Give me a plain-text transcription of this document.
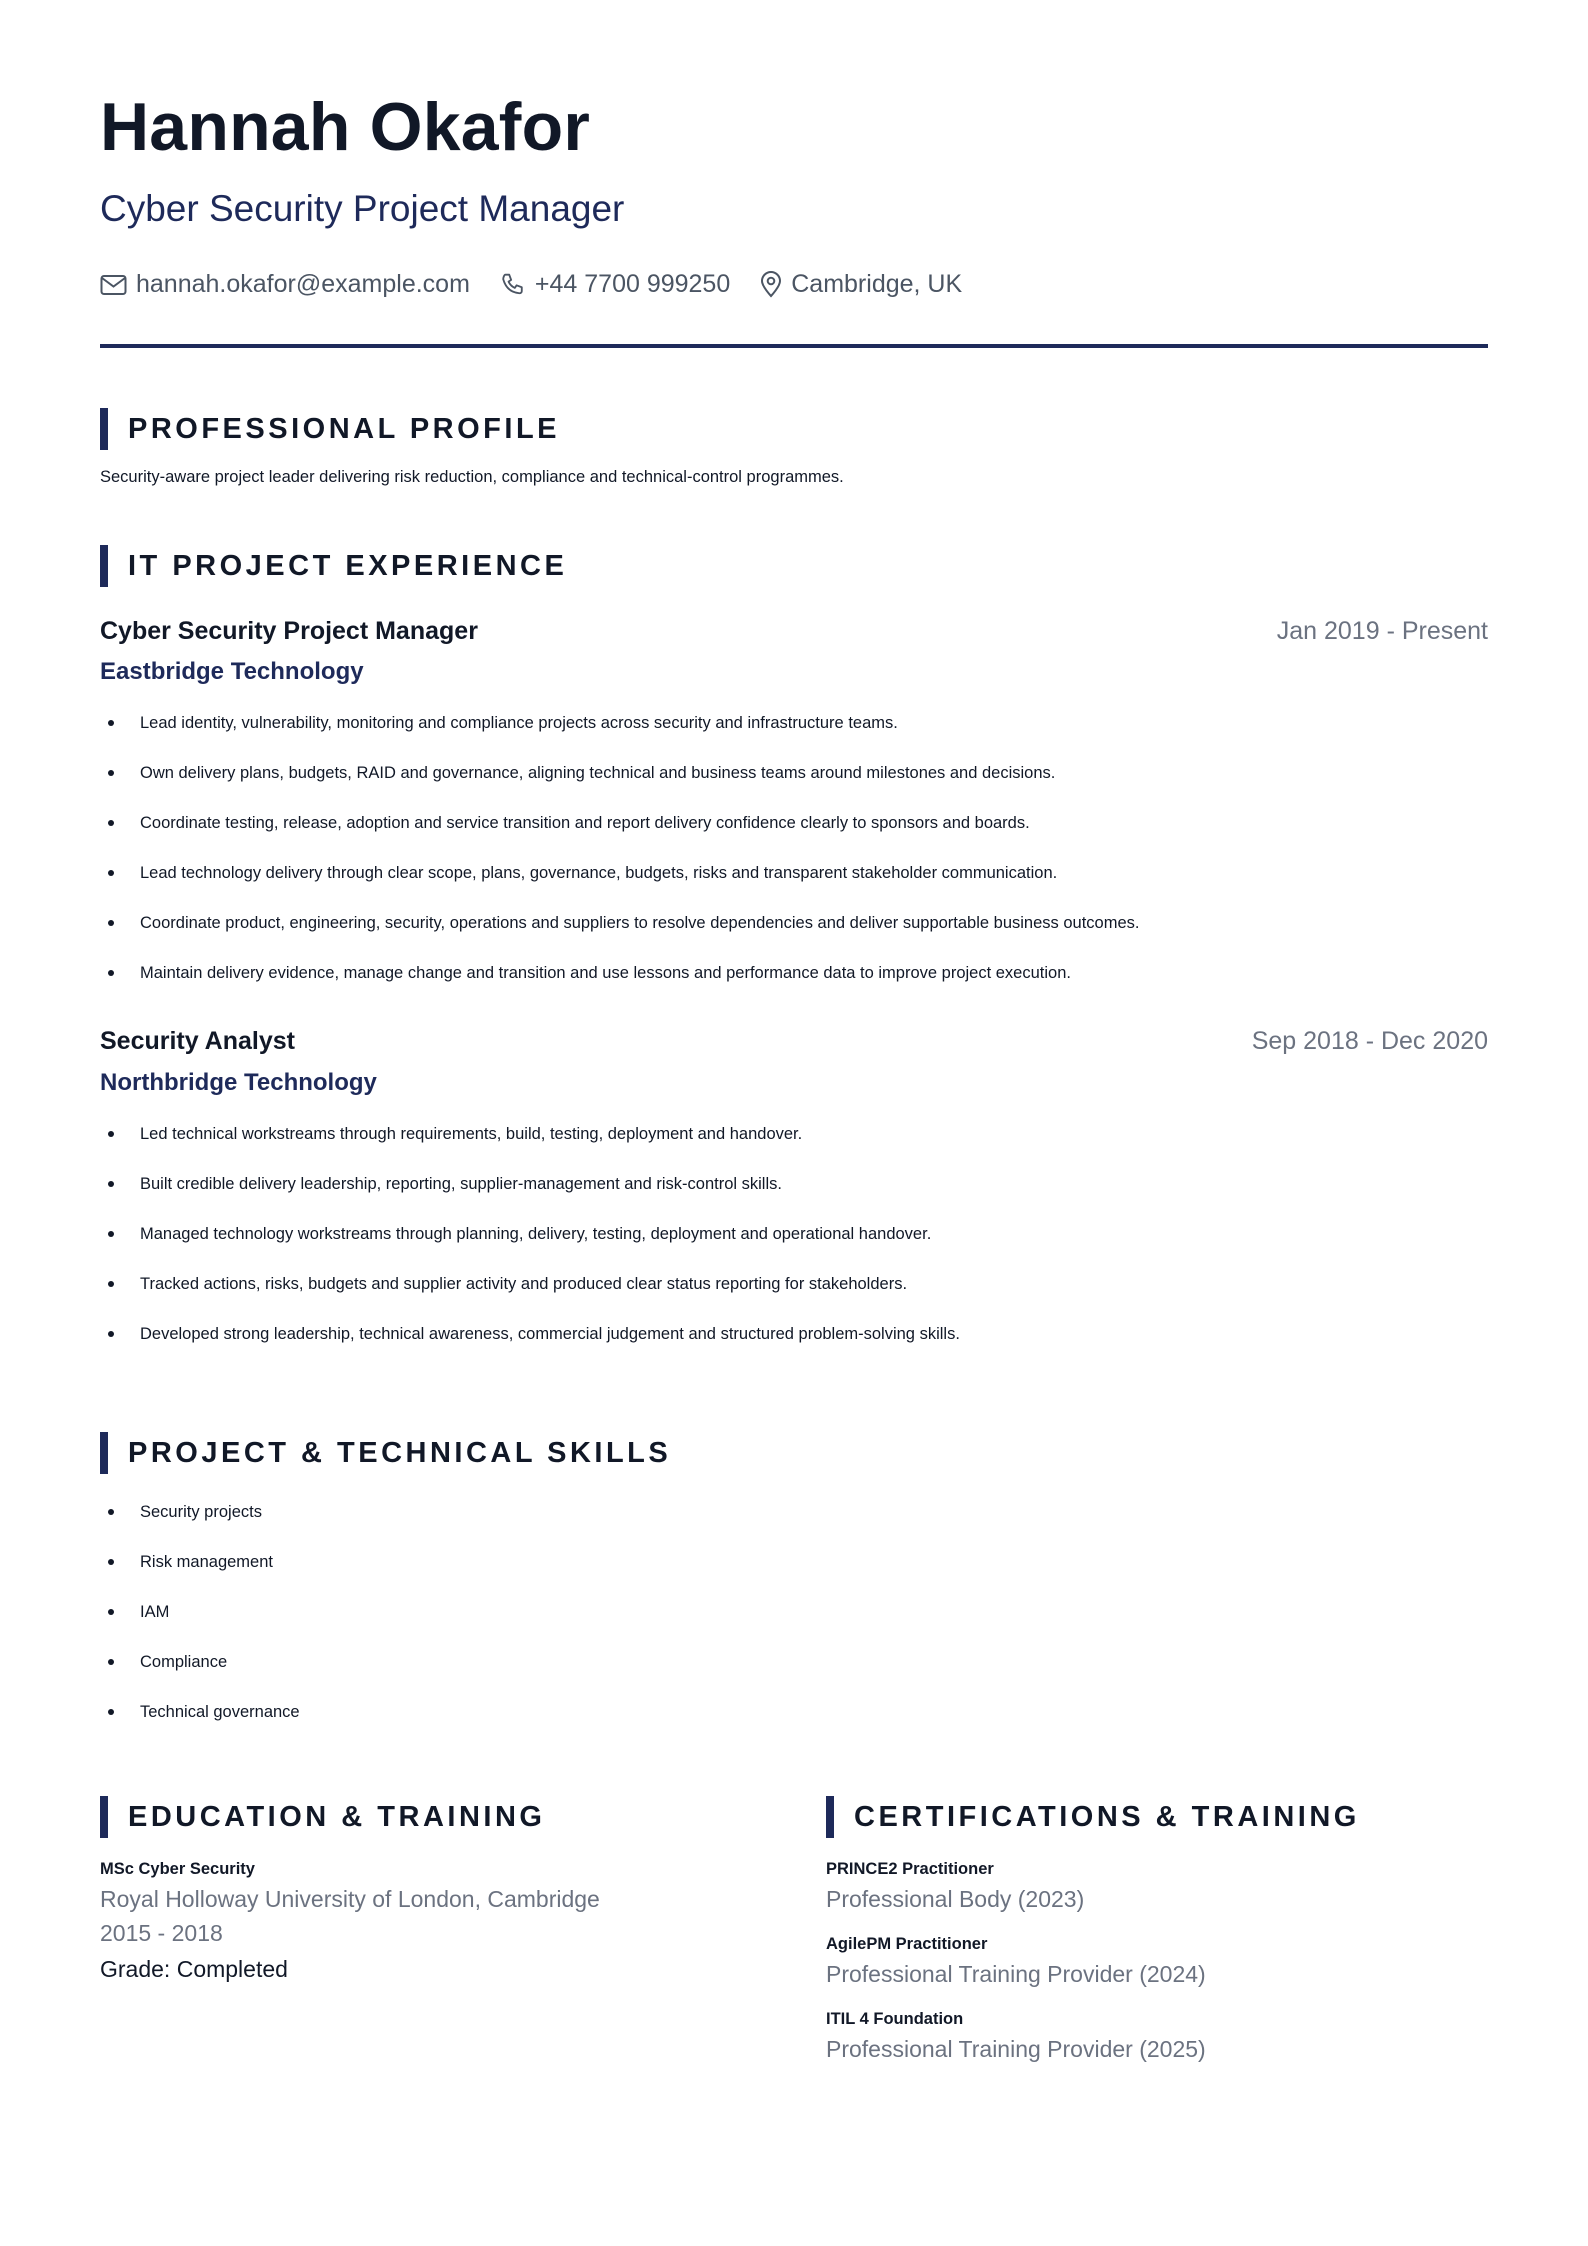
Hannah Okafor
Cyber Security Project Manager
hannah.okafor@example.com	+44 7700 999250 Cambridge, UK
PROFESSIONAL PROFILE
Security-aware project leader delivering risk reduction, compliance and technical-control programmes.
IT PROJECT EXPERIENCE
Cyber Security Project Manager	Jan 2019 - Present
Eastbridge Technology
Lead identity, vulnerability, monitoring and compliance projects across security and infrastructure teams.
Own delivery plans, budgets, RAID and governance, aligning technical and business teams around milestones and decisions.
Coordinate testing, release, adoption and service transition and report delivery confidence clearly to sponsors and boards.
Lead technology delivery through clear scope, plans, governance, budgets, risks and transparent stakeholder communication.
Coordinate product, engineering, security, operations and suppliers to resolve dependencies and deliver supportable business outcomes.
Maintain delivery evidence, manage change and transition and use lessons and performance data to improve project execution.
Security Analyst	Sep 2018 - Dec 2020
Northbridge Technology
Led technical workstreams through requirements, build, testing, deployment and handover.
Built credible delivery leadership, reporting, supplier-management and risk-control skills.
Managed technology workstreams through planning, delivery, testing, deployment and operational handover.
Tracked actions, risks, budgets and supplier activity and produced clear status reporting for stakeholders.
Developed strong leadership, technical awareness, commercial judgement and structured problem-solving skills.
PROJECT & TECHNICAL SKILLS
Security projects
Risk management
IAM
Compliance
Technical governance
EDUCATION & TRAINING
MSc Cyber Security
Royal Holloway University of London, Cambridge
2015 - 2018
Grade: Completed
CERTIFICATIONS & TRAINING
PRINCE2 Practitioner
Professional Body (2023)
AgilePM Practitioner
Professional Training Provider (2024)
ITIL 4 Foundation
Professional Training Provider (2025)
